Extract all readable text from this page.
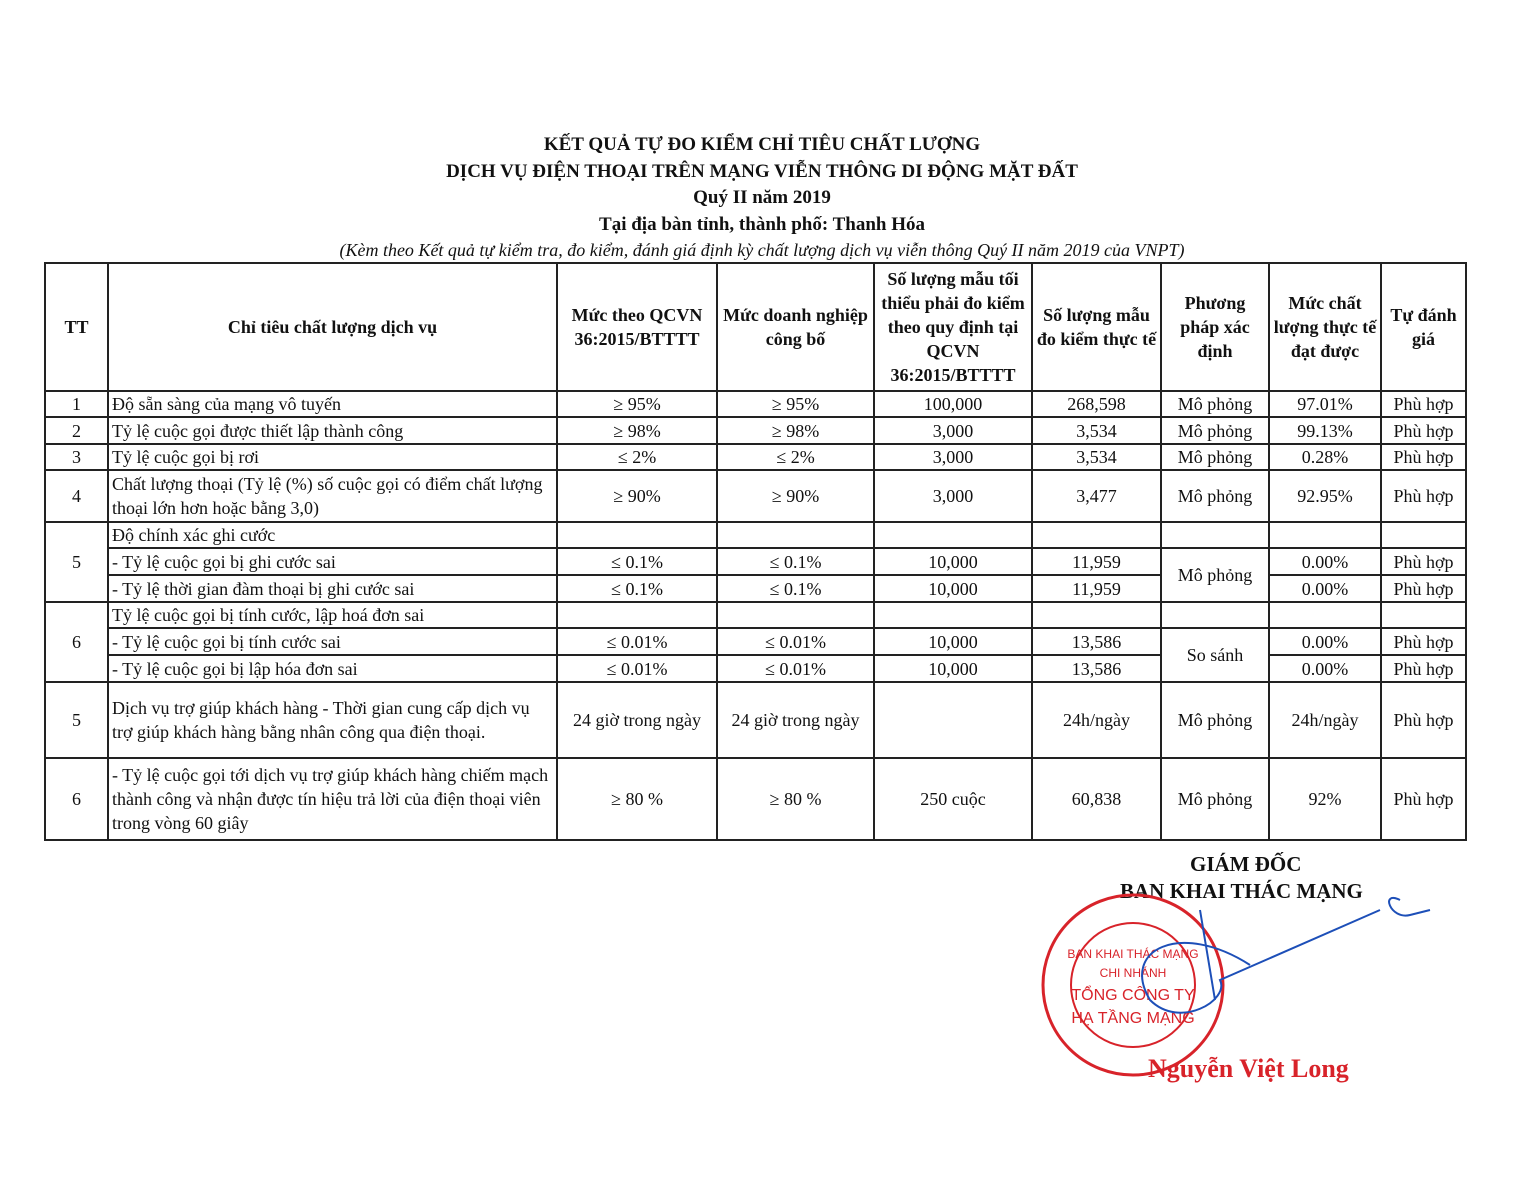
KẾT QUẢ TỰ ĐO KIỂM CHỈ TIÊU CHẤT LƯỢNG
DỊCH VỤ ĐIỆN THOẠI TRÊN MẠNG VIỄN THÔNG DI ĐỘNG MẶT ĐẤT
Quý II năm 2019
Tại địa bàn tỉnh, thành phố: Thanh Hóa
(Kèm theo Kết quả tự kiểm tra, đo kiểm, đánh giá định kỳ chất lượng dịch vụ viễn thông Quý II năm 2019 của VNPT)
TT	Chỉ tiêu chất lượng dịch vụ	Mức theo QCVN 36:2015/BTTTT	Mức doanh nghiệp công bố	Số lượng mẫu tối thiểu phải đo kiểm theo quy định tại QCVN 36:2015/BTTTT	Số lượng mẫu đo kiểm thực tế	Phương pháp xác định	Mức chất lượng thực tế đạt được	Tự đánh giá
1	Độ sẵn sàng của mạng vô tuyến	≥ 95%	≥ 95%	100,000	268,598	Mô phỏng	97.01%	Phù hợp
2	Tỷ lệ cuộc gọi được thiết lập thành công	≥ 98%	≥ 98%	3,000	3,534	Mô phỏng	99.13%	Phù hợp
3	Tỷ lệ cuộc gọi bị rơi	≤ 2%	≤ 2%	3,000	3,534	Mô phỏng	0.28%	Phù hợp
4	Chất lượng thoại (Tỷ lệ (%) số cuộc gọi có điểm chất lượng thoại lớn hơn hoặc bằng 3,0)	≥ 90%	≥ 90%	3,000	3,477	Mô phỏng	92.95%	Phù hợp
5	Độ chính xác ghi cước							
	- Tỷ lệ cuộc gọi bị ghi cước sai	≤ 0.1%	≤ 0.1%	10,000	11,959	Mô phỏng	0.00%	Phù hợp
	- Tỷ lệ thời gian đàm thoại bị ghi cước sai	≤ 0.1%	≤ 0.1%	10,000	11,959		0.00%	Phù hợp
6	Tỷ lệ cuộc gọi bị tính cước, lập hoá đơn sai							
	- Tỷ lệ cuộc gọi bị tính cước sai	≤ 0.01%	≤ 0.01%	10,000	13,586	So sánh	0.00%	Phù hợp
	- Tỷ lệ cuộc gọi bị lập hóa đơn sai	≤ 0.01%	≤ 0.01%	10,000	13,586		0.00%	Phù hợp
5	Dịch vụ trợ giúp khách hàng - Thời gian cung cấp dịch vụ trợ giúp khách hàng bằng nhân công qua điện thoại.	24 giờ trong ngày	24 giờ trong ngày		24h/ngày	Mô phỏng	24h/ngày	Phù hợp
6	- Tỷ lệ cuộc gọi tới dịch vụ trợ giúp khách hàng chiếm mạch thành công và nhận được tín hiệu trả lời của điện thoại viên trong vòng 60 giây	≥ 80 %	≥ 80 %	250 cuộc	60,838	Mô phỏng	92%	Phù hợp
GIÁM ĐỐC
BAN KHAI THÁC MẠNG
BAN KHAI THÁC MẠNG
CHI NHÁNH
TỔNG CÔNG TY
HẠ TẦNG MẠNG
Nguyễn Việt Long
